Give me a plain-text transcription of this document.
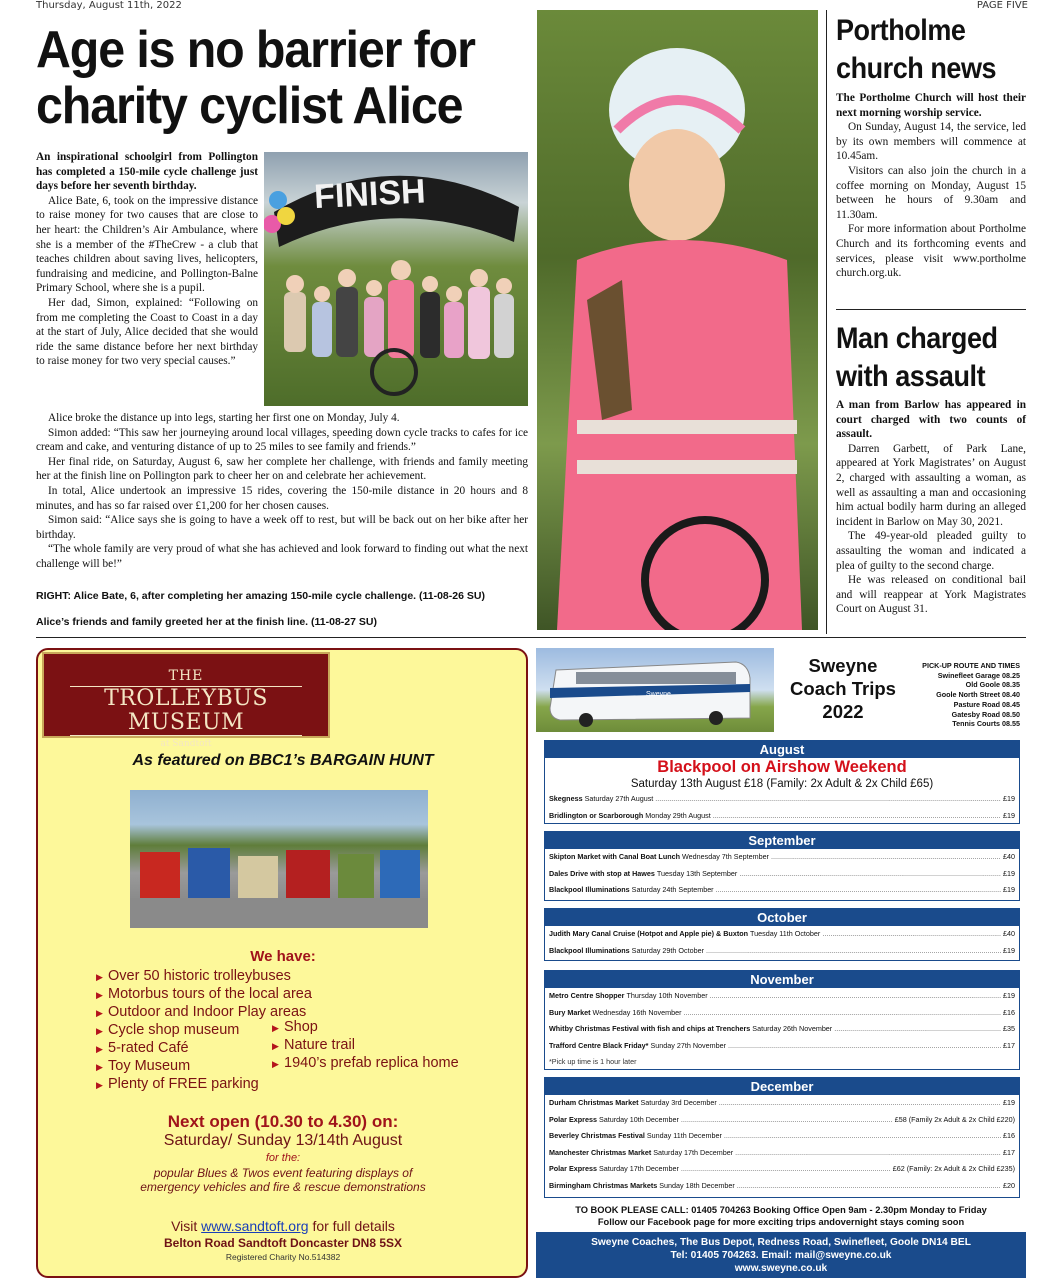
Thursday, August 11th, 2022	PAGE FIVE
Age is no barrier for
charity cyclist Alice
FINISH

An inspirational schoolgirl from Pollington has completed a 150-mile cycle challenge just days before her seventh birthday.

Alice Bate, 6, took on the impressive distance to raise money for two causes that are close to her heart: the Children’s Air Ambulance, where she is a member of the #TheCrew - a club that teaches children about saving lives, helicopters, fundraising and medicine, and Pollington-Balne Primary School, where she is a pupil.

Her dad, Simon, explained: “Following on from me completing the Coast to Coast in a day at the start of July, Alice decided that she would ride the same distance before her next birthday to raise money for two very special causes.”

Alice broke the distance up into legs, starting her first one on Monday, July 4.

Simon added: “This saw her journeying around local villages, speeding down cycle tracks to cafes for ice cream and cake, and venturing distance of up to 25 miles to see family and friends.”

Her final ride, on Saturday, August 6, saw her complete her challenge, with friends and family meeting her at the finish line on Pollington park to cheer her on and celebrate her achievement.

In total, Alice undertook an impressive 15 rides, covering the 150-mile distance in 20 hours and 8 minutes, and has so far raised over £1,200 for her chosen causes.

Simon said: “Alice says she is going to have a week off to rest, but will be back out on her bike after her birthday.

“The whole family are very proud of what she has achieved and look forward to finding out what the next challenge will be!”

RIGHT: Alice Bate, 6, after completing her amazing 150-mile cycle challenge. (11-08-26 SU)
Alice’s friends and family greeted her at the finish line. (11-08-27 SU)
Portholme
church news

The Portholme Church will host their next morning worship service.

On Sunday, August 14, the service, led by its own members will commence at 10.45am.

Visitors can also join the church in a coffee morning on Monday, August 15 between he hours of 9.30am and 11.30am.

For more information about Portholme Church and its forthcoming events and services, please visit www.portholme church.org.uk.

Man charged
with assault

A man from Barlow has appeared in court charged with two counts of assault.

Darren Garbett, of Park Lane, appeared at York Magistrates’ on August 2, charged with assaulting a woman, as well as assaulting a man and occasioning him actual bodily harm during an alleged incident in Barlow on May 30, 2021.

The 49-year-old pleaded guilty to assaulting the woman and indicated a plea of guilty to the second charge.

He was released on conditional bail and will reappear at York Magistrates Court on August 31.

THE
TROLLEYBUS MUSEUM
at Sandtoft
As featured on BBC1’s BARGAIN HUNT
We have:
▶ Over 50 historic trolleybuses
▶ Motorbus tours of the local area
▶ Outdoor and Indoor Play areas
▶ Cycle shop museum
▶ 5-rated Café
▶ Toy Museum
▶ Plenty of FREE parking
▶ Shop
▶ Nature trail
▶ 1940’s prefab replica home
Next open (10.30 to 4.30) on:
Saturday/ Sunday 13/14th August
for the:
popular Blues & Twos event featuring displays of
emergency vehicles and fire & rescue demonstrations
Visit www.sandtoft.org for full details
Belton Road Sandtoft Doncaster DN8 5SX
Registered Charity No.514382
Sweyne
Sweyne
Coach Trips
2022
PICK-UP ROUTE AND TIMES
Swinefleet Garage 08.25
Old Goole 08.35
Goole North Street 08.40
Pasture Road 08.45
Gatesby Road 08.50
Tennis Courts 08.55
August
Blackpool on Airshow Weekend
Saturday 13th August £18 (Family: 2x Adult & 2x Child £65)
Skegness
Saturday 27th August .....	£19
Bridlington or Scarborough
Monday 29th August .....	£19
September
Skipton Market with Canal Boat Lunch
Wednesday 7th September .....	£40
Dales Drive with stop at Hawes
Tuesday 13th September .....	£19
Blackpool Illuminations
Saturday 24th September .....	£19
October
Judith Mary Canal Cruise (Hotpot and Apple pie) & Buxton
Tuesday 11th October .....	£40
Blackpool Illuminations
Saturday 29th October .....	£19
November
Metro Centre Shopper
Thursday 10th November .....	£19
Bury Market
Wednesday 16th November .....	£16
Whitby Christmas Festival with fish and chips at Trenchers
Saturday 26th November .....	£35
Trafford Centre Black Friday*
Sunday 27th November .....	£17
*Pick up time is 1 hour later
December
Durham Christmas Market
Saturday 3rd December .....	£19
Polar Express
Saturday 10th December .....	£58 (Family 2x Adult & 2x Child £220)
Beverley Christmas Festival
Sunday 11th December .....	£16
Manchester Christmas Market
Saturday 17th December .....	£17
Polar Express
Saturday 17th December .....	£62 (Family: 2x Adult & 2x Child £235)
Birmingham Christmas Markets
Sunday 18th December .....	£20
TO BOOK PLEASE CALL: 01405 704263 Booking Office Open 9am - 2.30pm Monday to Friday
Follow our Facebook page for more exciting trips andovernight stays coming soon
Sweyne Coaches, The Bus Depot, Redness Road, Swinefleet, Goole DN14 BEL
Tel: 01405 704263. Email: mail@sweyne.co.uk
www.sweyne.co.uk
